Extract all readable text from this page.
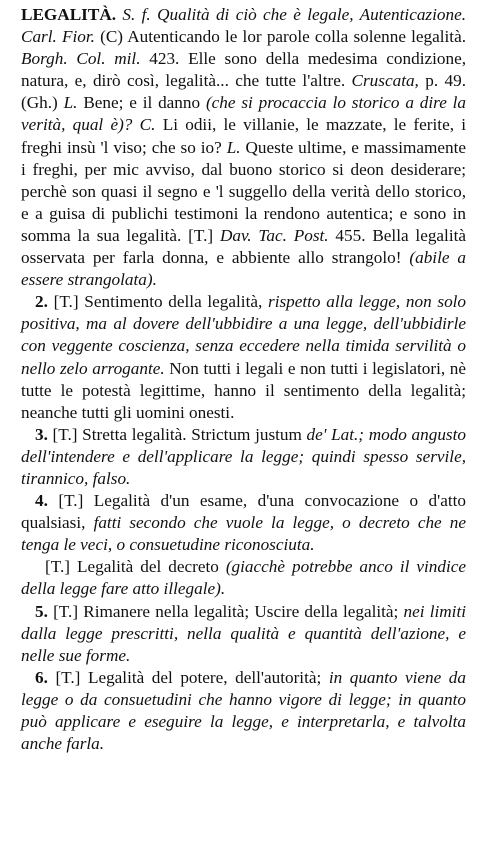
LEGALITÀ. S. f. Qualità di ciò che è legale, Autenticazione. Carl. Fior. (C) Autenticando le lor parole colla solenne legalità. Borgh. Col. mil. 423. Elle sono della medesima condizione, natura, e, dirò così, legalità... che tutte l'altre. Cruscata, p. 49. (Gh.) L. Bene; e il danno (che si procaccia lo storico a dire la verità, qual è)? C. Li odii, le villanie, le mazzate, le ferite, i freghi insù 'l viso; che so io? L. Queste ultime, e massimamente i freghi, per mic avviso, dal buono storico si deon desiderare; perchè son quasi il segno e 'l suggello della verità dello storico, e a guisa di publichi testimoni la rendono autentica; e sono in somma la sua legalità. [T.] Dav. Tac. Post. 455. Bella legalità osservata per farla donna, e abbiente allo strangolo! (abile a essere strangolata).

2. [T.] Sentimento della legalità, rispetto alla legge, non solo positiva, ma al dovere dell'ubbidire a una legge, dell'ubbidirle con veggente coscienza, senza eccedere nella timida servilità o nello zelo arrogante. Non tutti i legali e non tutti i legislatori, nè tutte le potestà legittime, hanno il sentimento della legalità; neanche tutti gli uomini onesti.

3. [T.] Stretta legalità. Strictum justum de' Lat.; modo angusto dell'intendere e dell'applicare la legge; quindi spesso servile, tirannico, falso.

4. [T.] Legalità d'un esame, d'una convocazione o d'atto qualsiasi, fatti secondo che vuole la legge, o decreto che ne tenga le veci, o consuetudine riconosciuta.

[T.] Legalità del decreto (giacchè potrebbe anco il vindice della legge fare atto illegale).

5. [T.] Rimanere nella legalità; Uscire della legalità; nei limiti dalla legge prescritti, nella qualità e quantità dell'azione, e nelle sue forme.

6. [T.] Legalità del potere, dell'autorità; in quanto viene da legge o da consuetudini che hanno vigore di legge; in quanto può applicare e eseguire la legge, e interpretarla, e talvolta anche farla.
